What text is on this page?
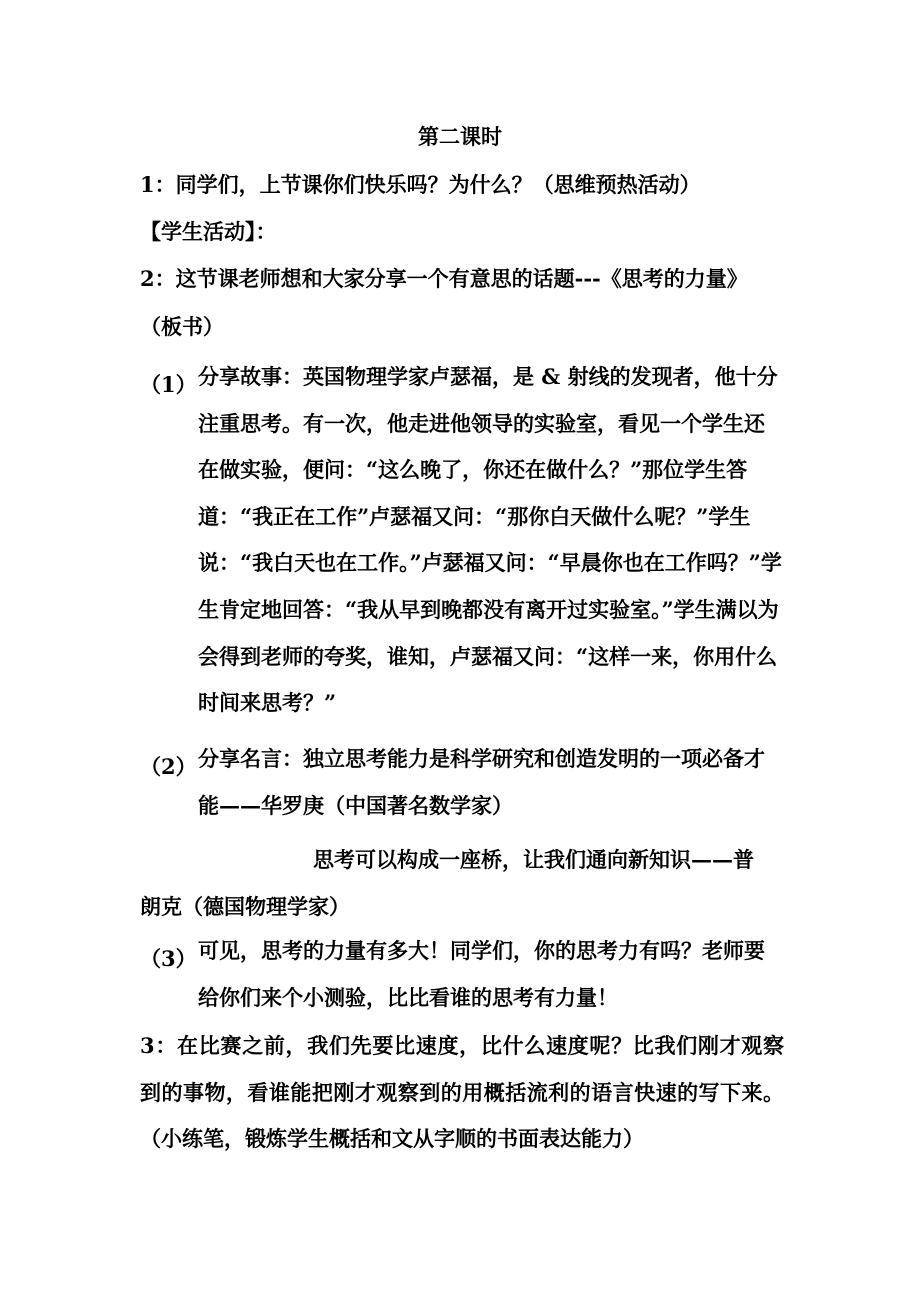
第二课时
1：同学们，上节课你们快乐吗？为什么？（思维预热活动）
【学生活动】：
2：这节课老师想和大家分享一个有意思的话题---《思考的力量》
（板书）
（1） 分享故事：英国物理学家卢瑟福，是 & 射线的发现者，他十分注重思考。有一次，他走进他领导的实验室，看见一个学生还在做实验，便问：“这么晚了，你还在做什么？”那位学生答道：“我正在工作”卢瑟福又问：“那你白天做什么呢？”学生说：“我白天也在工作。”卢瑟福又问：“早晨你也在工作吗？”学生肯定地回答：“我从早到晚都没有离开过实验室。”学生满以为会得到老师的夸奖，谁知，卢瑟福又问：“这样一来，你用什么时间来思考？”
（2） 分享名言：独立思考能力是科学研究和创造发明的一项必备才能——华罗庚（中国著名数学家）
思考可以构成一座桥，让我们通向新知识——普
朗克（德国物理学家）
（3） 可见，思考的力量有多大！同学们，你的思考力有吗？老师要给你们来个小测验，比比看谁的思考有力量！
3：在比赛之前，我们先要比速度，比什么速度呢？比我们刚才观察到的事物，看谁能把刚才观察到的用概括流利的语言快速的写下来。（小练笔，锻炼学生概括和文从字顺的书面表达能力）
